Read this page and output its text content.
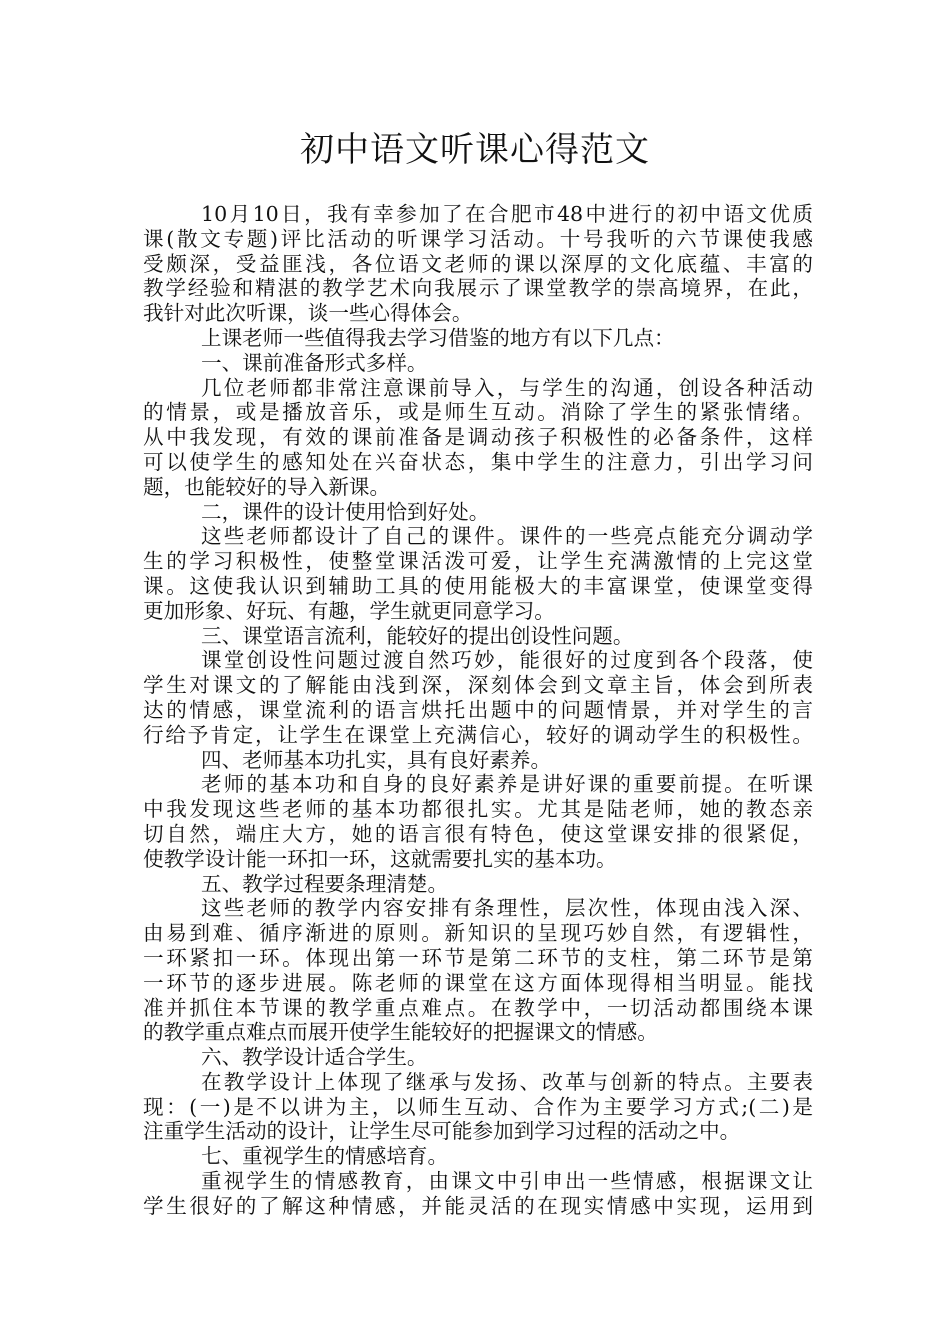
初中语文听课心得范文
10月10日，我有幸参加了在合肥市48中进行的初中语文优质
课(散文专题)评比活动的听课学习活动。十号我听的六节课使我感
受颇深，受益匪浅，各位语文老师的课以深厚的文化底蕴、丰富的
教学经验和精湛的教学艺术向我展示了课堂教学的崇高境界，在此，
我针对此次听课，谈一些心得体会。
上课老师一些值得我去学习借鉴的地方有以下几点：
一、课前准备形式多样。
几位老师都非常注意课前导入，与学生的沟通，创设各种活动
的情景，或是播放音乐，或是师生互动。消除了学生的紧张情绪。
从中我发现，有效的课前准备是调动孩子积极性的必备条件，这样
可以使学生的感知处在兴奋状态，集中学生的注意力，引出学习问
题，也能较好的导入新课。
二，课件的设计使用恰到好处。
这些老师都设计了自己的课件。课件的一些亮点能充分调动学
生的学习积极性，使整堂课活泼可爱，让学生充满激情的上完这堂
课。这使我认识到辅助工具的使用能极大的丰富课堂，使课堂变得
更加形象、好玩、有趣，学生就更同意学习。
三、课堂语言流利，能较好的提出创设性问题。
课堂创设性问题过渡自然巧妙，能很好的过度到各个段落，使
学生对课文的了解能由浅到深，深刻体会到文章主旨，体会到所表
达的情感，课堂流利的语言烘托出题中的问题情景，并对学生的言
行给予肯定，让学生在课堂上充满信心，较好的调动学生的积极性。
四、老师基本功扎实，具有良好素养。
老师的基本功和自身的良好素养是讲好课的重要前提。在听课
中我发现这些老师的基本功都很扎实。尤其是陆老师，她的教态亲
切自然，端庄大方，她的语言很有特色，使这堂课安排的很紧促，
使教学设计能一环扣一环，这就需要扎实的基本功。
五、教学过程要条理清楚。
这些老师的教学内容安排有条理性，层次性，体现由浅入深、
由易到难、循序渐进的原则。新知识的呈现巧妙自然，有逻辑性，
一环紧扣一环。体现出第一环节是第二环节的支柱，第二环节是第
一环节的逐步进展。陈老师的课堂在这方面体现得相当明显。能找
准并抓住本节课的教学重点难点。在教学中，一切活动都围绕本课
的教学重点难点而展开使学生能较好的把握课文的情感。
六、教学设计适合学生。
在教学设计上体现了继承与发扬、改革与创新的特点。主要表
现：(一)是不以讲为主，以师生互动、合作为主要学习方式;(二)是
注重学生活动的设计，让学生尽可能参加到学习过程的活动之中。
七、重视学生的情感培育。
重视学生的情感教育，由课文中引申出一些情感，根据课文让
学生很好的了解这种情感，并能灵活的在现实情感中实现，运用到
